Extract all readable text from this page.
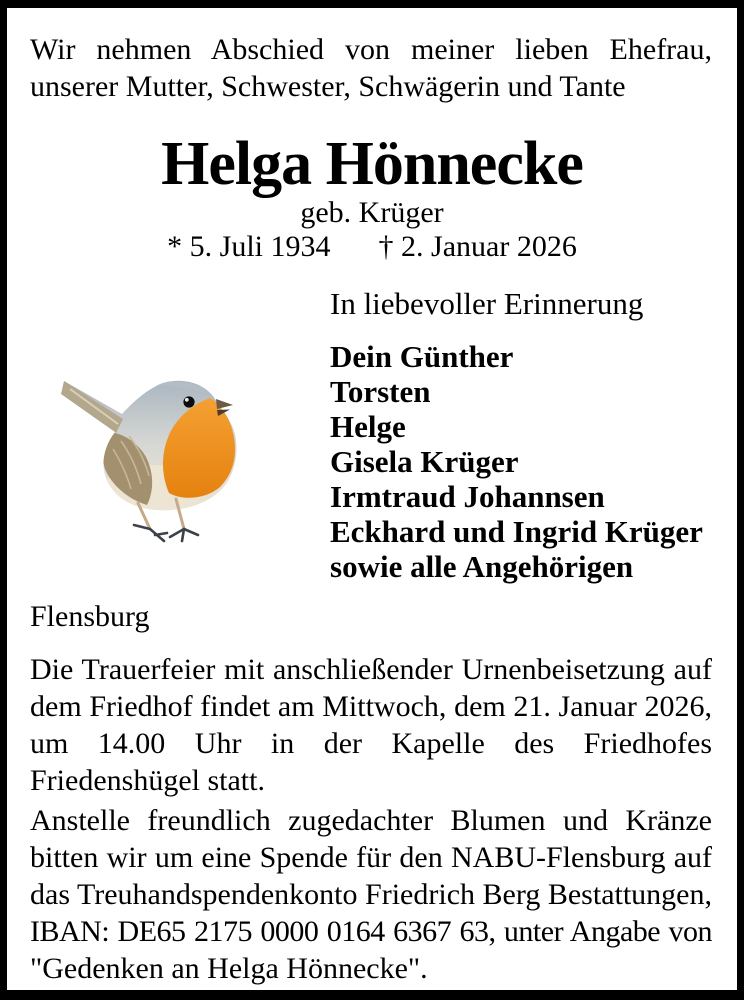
Wir nehmen Abschied von meiner lieben Ehefrau,
unserer Mutter, Schwester, Schwägerin und Tante
Helga Hönnecke
geb. Krüger
* 5. Juli 1934 † 2. Januar 2026
In liebevoller Erinnerung
Dein Günther
Torsten
Helge
Gisela Krüger
Irmtraud Johannsen
Eckhard und Ingrid Krüger
sowie alle Angehörigen
Flensburg
Die Trauerfeier mit anschließender Urnenbeisetzung auf
dem Friedhof findet am Mittwoch, dem 21. Januar 2026,
um 14.00 Uhr in der Kapelle des Friedhofes
Friedenshügel statt.
Anstelle freundlich zugedachter Blumen und Kränze
bitten wir um eine Spende für den NABU-Flensburg auf
das Treuhandspendenkonto Friedrich Berg Bestattungen,
IBAN: DE65 2175 0000 0164 6367 63, unter Angabe von
"Gedenken an Helga Hönnecke".
